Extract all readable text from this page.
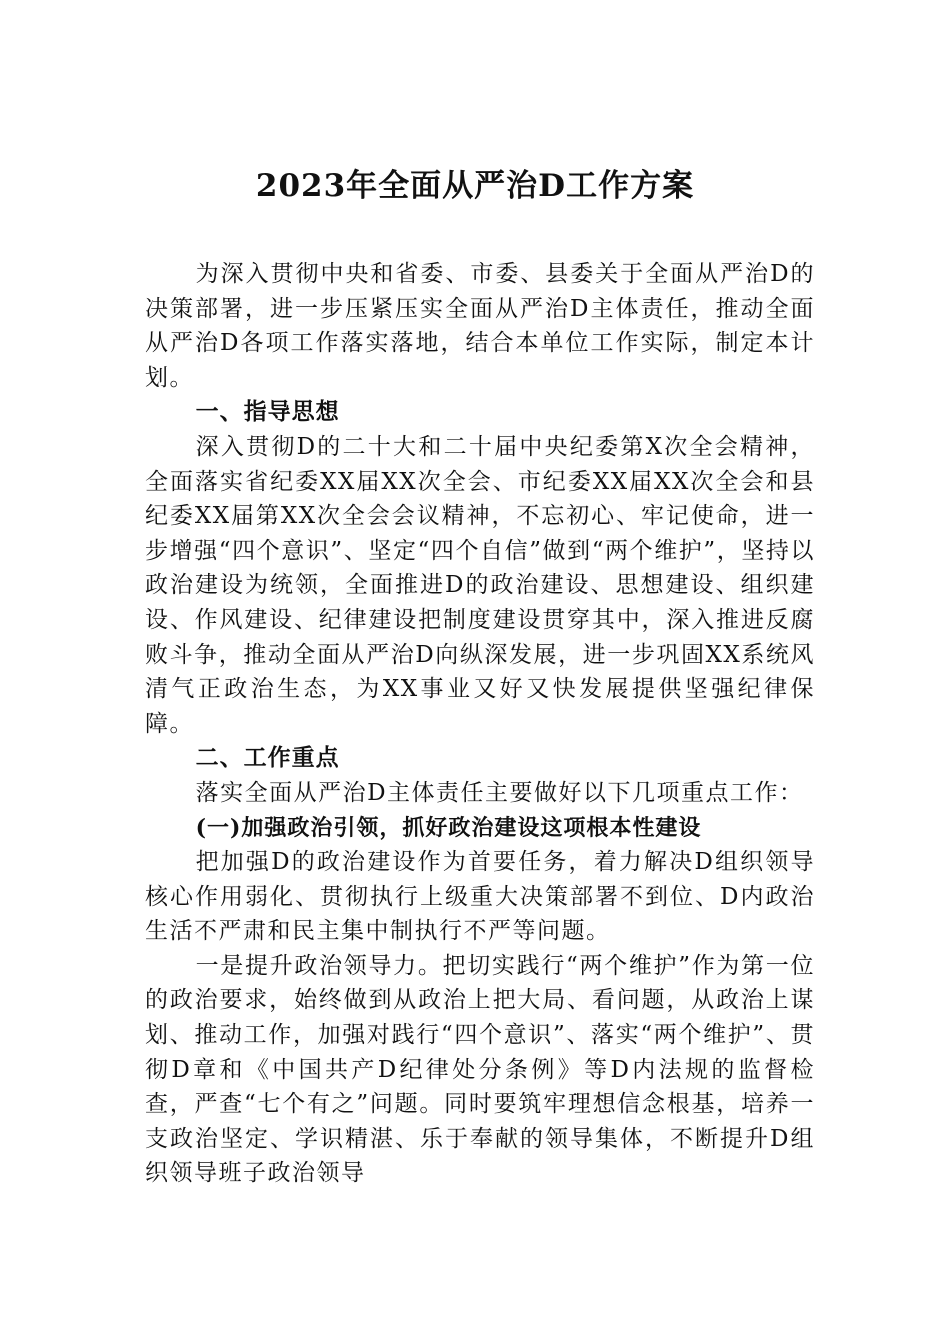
2023年全面从严治D工作方案

为深入贯彻中央和省委、市委、县委关于全面从严治D的决策部署，进一步压紧压实全面从严治D主体责任，推动全面从严治D各项工作落实落地，结合本单位工作实际，制定本计划。

一、指导思想

深入贯彻D的二十大和二十届中央纪委第X次全会精神，全面落实省纪委XX届XX次全会、市纪委XX届XX次全会和县纪委XX届第XX次全会会议精神，不忘初心、牢记使命，进一步增强“四个意识”、坚定“四个自信”做到“两个维护”，坚持以政治建设为统领，全面推进D的政治建设、思想建设、组织建设、作风建设、纪律建设把制度建设贯穿其中，深入推进反腐败斗争，推动全面从严治D向纵深发展，进一步巩固XX系统风清气正政治生态，为XX事业又好又快发展提供坚强纪律保障。

二、工作重点

落实全面从严治D主体责任主要做好以下几项重点工作：

(一)加强政治引领，抓好政治建设这项根本性建设

把加强D的政治建设作为首要任务，着力解决D组织领导核心作用弱化、贯彻执行上级重大决策部署不到位、D内政治生活不严肃和民主集中制执行不严等问题。

一是提升政治领导力。把切实践行“两个维护”作为第一位的政治要求，始终做到从政治上把大局、看问题，从政治上谋划、推动工作，加强对践行“四个意识”、落实“两个维护”、贯彻D章和《中国共产D纪律处分条例》等D内法规的监督检查，严查“七个有之”问题。同时要筑牢理想信念根基，培养一支政治坚定、学识精湛、乐于奉献的领导集体，不断提升D组织领导班子政治领导
